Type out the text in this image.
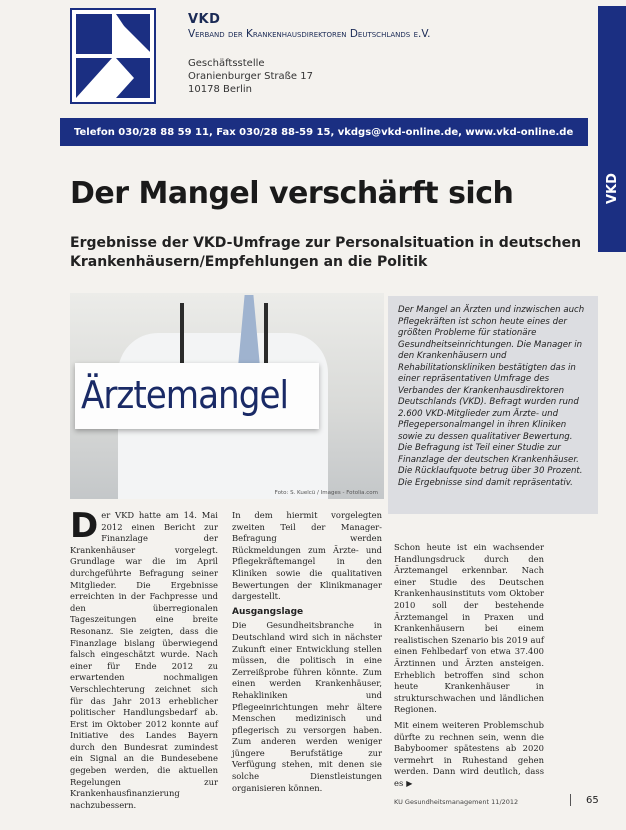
VKD
Verband der Krankenhausdirektoren Deutschlands e.V.
Geschäftsstelle
Oranienburger Straße 17
10178 Berlin
Telefon 030/28 88 59 11, Fax 030/28 88-59 15, vkdgs@vkd-online.de, www.vkd-online.de
VKD
Der Mangel verschärft sich
Ergebnisse der VKD-Umfrage zur Personalsituation in deutschen Krankenhäusern/Empfehlungen an die Politik
Ärztemangel
Foto: S. Kuelcü / Images - Fotolia.com

Der Mangel an Ärzten und inzwischen auch Pflegekräften ist schon heute eines der größten Probleme für stationäre Gesundheitseinrichtungen. Die Manager in den Krankenhäusern und Rehabilitationskliniken bestätigten das in einer repräsentativen Umfrage des Verbandes der Krankenhausdirektoren Deutschlands (VKD). Befragt wurden rund 2.600 VKD-Mitglieder zum Ärzte- und Pflegepersonalmangel in ihren Kliniken sowie zu dessen qualitativer Bewertung. Die Befragung ist Teil einer Studie zur Finanzlage der deutschen Krankenhäuser. Die Rücklaufquote betrug über 30 Prozent. Die Ergebnisse sind damit repräsentativ.

D er VKD hatte am 14. Mai 2012 einen Bericht zur Finanzlage der Krankenhäuser vorgelegt. Grundlage war die im April durchgeführte Befragung seiner Mitglieder. Die Ergebnisse erreichten in der Fachpresse und den überregionalen Tageszeitungen eine breite Resonanz. Sie zeigten, dass die Finanzlage bislang überwiegend falsch eingeschätzt wurde. Nach einer für Ende 2012 zu erwartenden nochmaligen Verschlechterung zeichnet sich für das Jahr 2013 erheblicher politischer Handlungsbedarf ab. Erst im Oktober 2012 konnte auf Initiative des Landes Bayern durch den Bundesrat zumindest ein Signal an die Bundesebene gegeben werden, die aktuellen Regelungen zur Krankenhausfinanzierung nachzubessern.

In dem hiermit vorgelegten zweiten Teil der Manager-Befragung werden Rückmeldungen zum Ärzte- und Pflegekräftemangel in den Kliniken sowie die qualitativen Bewertungen der Klinikmanager dargestellt.

Ausgangslage

Die Gesundheitsbranche in Deutschland wird sich in nächster Zukunft einer Entwicklung stellen müssen, die politisch in eine Zerreißprobe führen könnte. Zum einen werden Krankenhäuser, Rehakliniken und Pflegeeinrichtungen mehr ältere Menschen medizinisch und pflegerisch zu versorgen haben. Zum anderen werden weniger jüngere Berufstätige zur Verfügung stehen, mit denen sie solche Dienstleistungen organisieren können.

Schon heute ist ein wachsender Handlungsdruck durch den Ärztemangel erkennbar. Nach einer Studie des Deutschen Krankenhausinstituts vom Oktober 2010 soll der bestehende Ärztemangel in Praxen und Krankenhäusern bei einem realistischen Szenario bis 2019 auf einen Fehlbedarf von etwa 37.400 Ärztinnen und Ärzten ansteigen. Erheblich betroffen sind schon heute Krankenhäuser in strukturschwachen und ländlichen Regionen.

Mit einem weiteren Problemschub dürfte zu rechnen sein, wenn die Babyboomer spätestens ab 2020 vermehrt in Ruhestand gehen werden. Dann wird deutlich, dass es ▶

KU Gesundheitsmanagement 11/2012	65
